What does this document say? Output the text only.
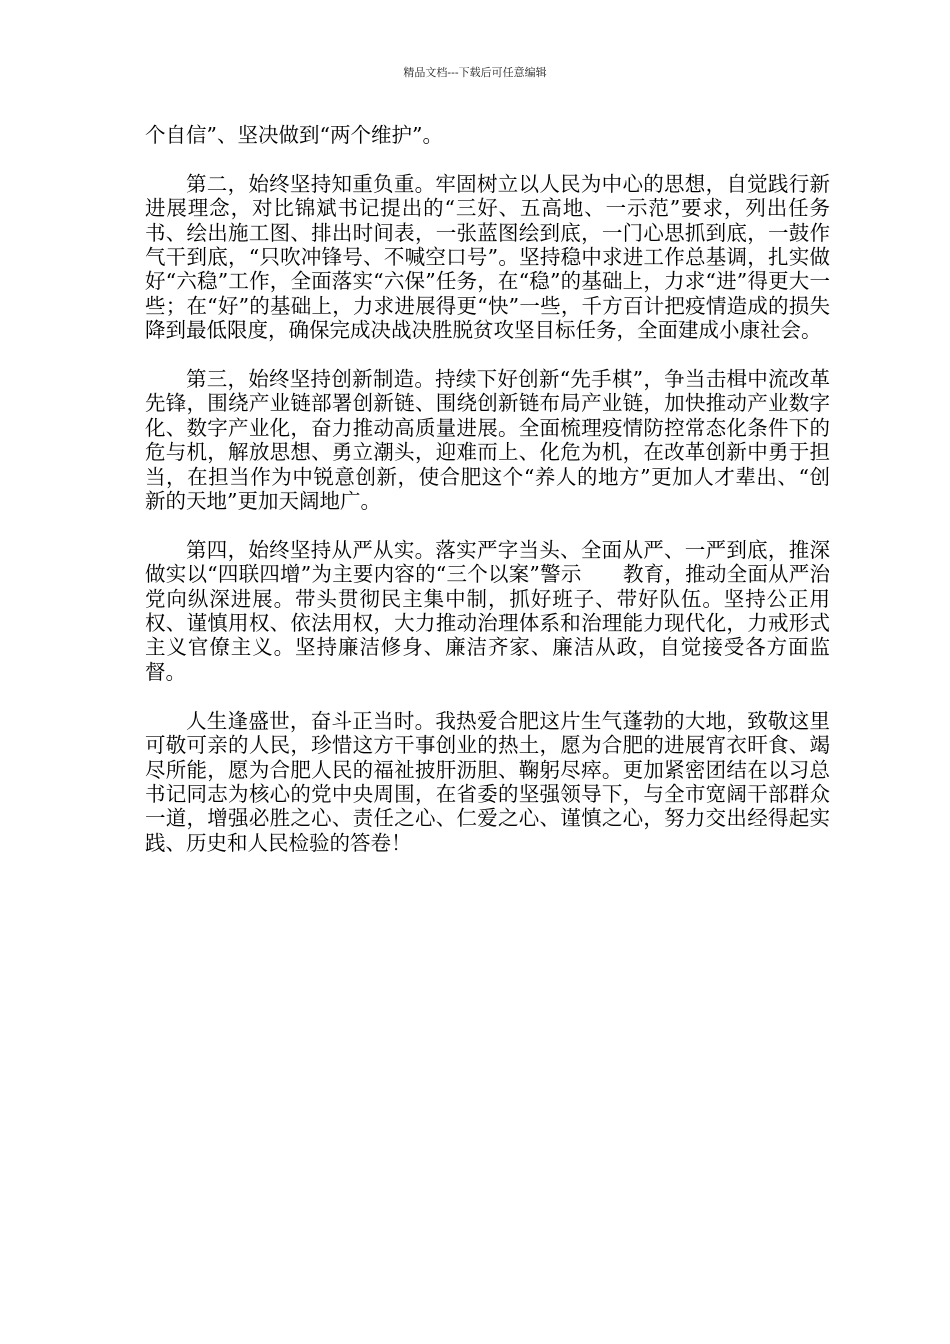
精品文档---下载后可任意编辑

个自信”、坚决做到“两个维护”。

第二，始终坚持知重负重。牢固树立以人民为中心的思想，自觉践行新进展理念，对比锦斌书记提出的“三好、五高地、一示范”要求，列出任务书、绘出施工图、排出时间表，一张蓝图绘到底，一门心思抓到底，一鼓作气干到底，“只吹冲锋号、不喊空口号”。坚持稳中求进工作总基调，扎实做好“六稳”工作，全面落实“六保”任务，在“稳”的基础上，力求“进”得更大一些；在“好”的基础上，力求进展得更“快”一些，千方百计把疫情造成的损失降到最低限度，确保完成决战决胜脱贫攻坚目标任务，全面建成小康社会。

第三，始终坚持创新制造。持续下好创新“先手棋”，争当击楫中流改革先锋，围绕产业链部署创新链、围绕创新链布局产业链，加快推动产业数字化、数字产业化，奋力推动高质量进展。全面梳理疫情防控常态化条件下的危与机，解放思想、勇立潮头，迎难而上、化危为机，在改革创新中勇于担当，在担当作为中锐意创新，使合肥这个“养人的地方”更加人才辈出、“创新的天地”更加天阔地广。

第四，始终坚持从严从实。落实严字当头、全面从严、一严到底，推深做实以“四联四增”为主要内容的“三个以案”警示　　教育，推动全面从严治党向纵深进展。带头贯彻民主集中制，抓好班子、带好队伍。坚持公正用权、谨慎用权、依法用权，大力推动治理体系和治理能力现代化，力戒形式主义官僚主义。坚持廉洁修身、廉洁齐家、廉洁从政，自觉接受各方面监督。

人生逢盛世，奋斗正当时。我热爱合肥这片生气蓬勃的大地，致敬这里可敬可亲的人民，珍惜这方干事创业的热土，愿为合肥的进展宵衣旰食、竭尽所能，愿为合肥人民的福祉披肝沥胆、鞠躬尽瘁。更加紧密团结在以习总书记同志为核心的党中央周围，在省委的坚强领导下，与全市宽阔干部群众一道，增强必胜之心、责任之心、仁爱之心、谨慎之心，努力交出经得起实践、历史和人民检验的答卷！
